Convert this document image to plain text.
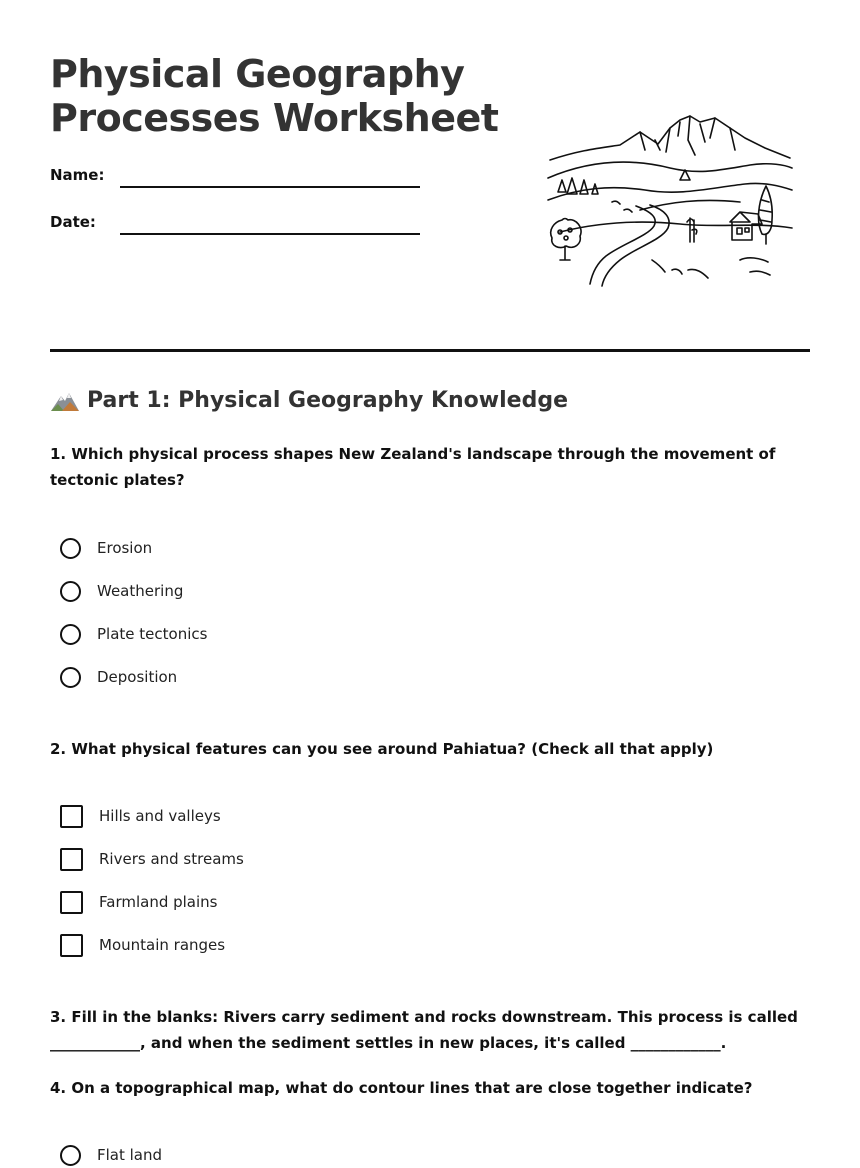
Physical Geography
Processes Worksheet
Name:
Date:
Part 1: Physical Geography Knowledge

1. Which physical process shapes New Zealand's landscape through the movement of tectonic plates?

Erosion
Weathering
Plate tectonics
Deposition

2. What physical features can you see around Pahiatua? (Check all that apply)

Hills and valleys
Rivers and streams
Farmland plains
Mountain ranges

3. Fill in the blanks: Rivers carry sediment and rocks downstream. This process is called ____________, and when the sediment settles in new places, it's called ____________.

4. On a topographical map, what do contour lines that are close together indicate?

Flat land
